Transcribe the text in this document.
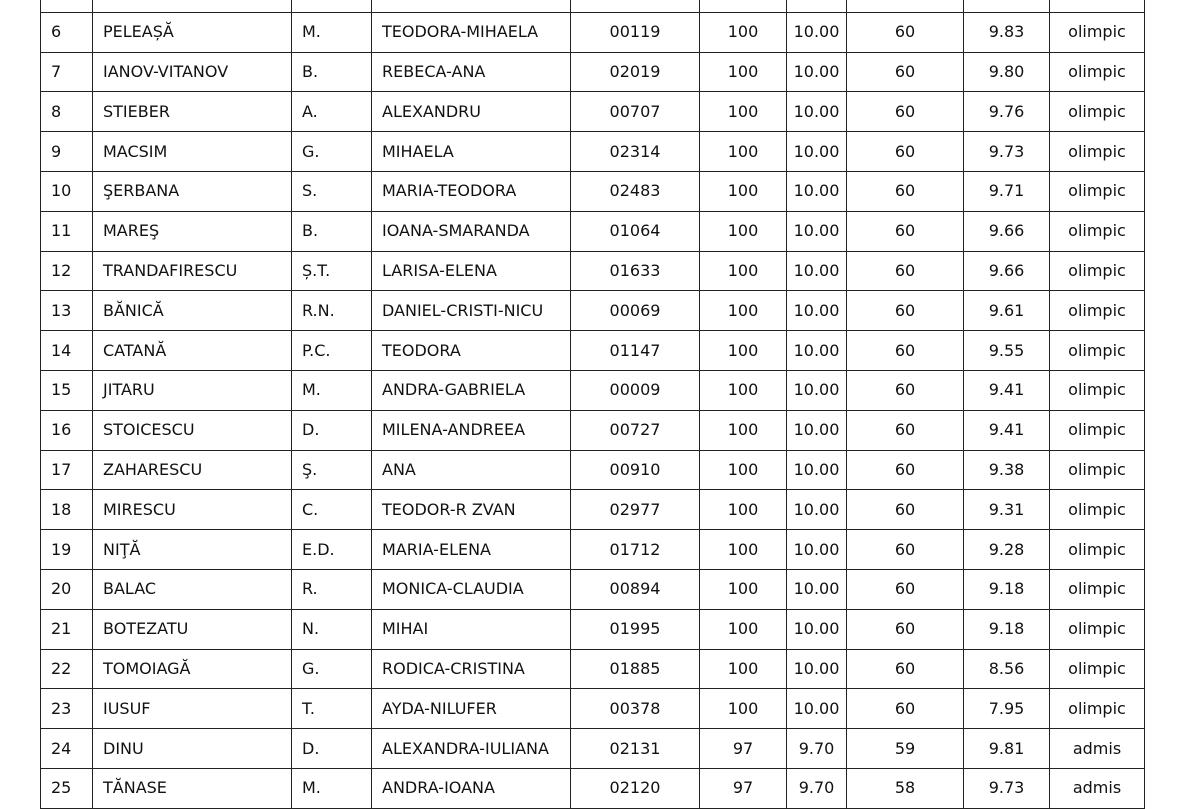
6	PELEAȘĂ	M.	TEODORA-MIHAELA	00119	100	10.00	60	9.83	olimpic
7	IANOV-VITANOV	B.	REBECA-ANA	02019	100	10.00	60	9.80	olimpic
8	STIEBER	A.	ALEXANDRU	00707	100	10.00	60	9.76	olimpic
9	MACSIM	G.	MIHAELA	02314	100	10.00	60	9.73	olimpic
10	ŞERBANA	S.	MARIA-TEODORA	02483	100	10.00	60	9.71	olimpic
11	MAREŞ	B.	IOANA-SMARANDA	01064	100	10.00	60	9.66	olimpic
12	TRANDAFIRESCU	Ș.T.	LARISA-ELENA	01633	100	10.00	60	9.66	olimpic
13	BĂNICĂ	R.N.	DANIEL-CRISTI-NICU	00069	100	10.00	60	9.61	olimpic
14	CATANĂ	P.C.	TEODORA	01147	100	10.00	60	9.55	olimpic
15	JITARU	M.	ANDRA-GABRIELA	00009	100	10.00	60	9.41	olimpic
16	STOICESCU	D.	MILENA-ANDREEA	00727	100	10.00	60	9.41	olimpic
17	ZAHARESCU	Ş.	ANA	00910	100	10.00	60	9.38	olimpic
18	MIRESCU	C.	TEODOR-R ZVAN	02977	100	10.00	60	9.31	olimpic
19	NIŢĂ	E.D.	MARIA-ELENA	01712	100	10.00	60	9.28	olimpic
20	BALAC	R.	MONICA-CLAUDIA	00894	100	10.00	60	9.18	olimpic
21	BOTEZATU	N.	MIHAI	01995	100	10.00	60	9.18	olimpic
22	TOMOIAGĂ	G.	RODICA-CRISTINA	01885	100	10.00	60	8.56	olimpic
23	IUSUF	T.	AYDA-NILUFER	00378	100	10.00	60	7.95	olimpic
24	DINU	D.	ALEXANDRA-IULIANA	02131	97	9.70	59	9.81	admis
25	TĂNASE	M.	ANDRA-IOANA	02120	97	9.70	58	9.73	admis
